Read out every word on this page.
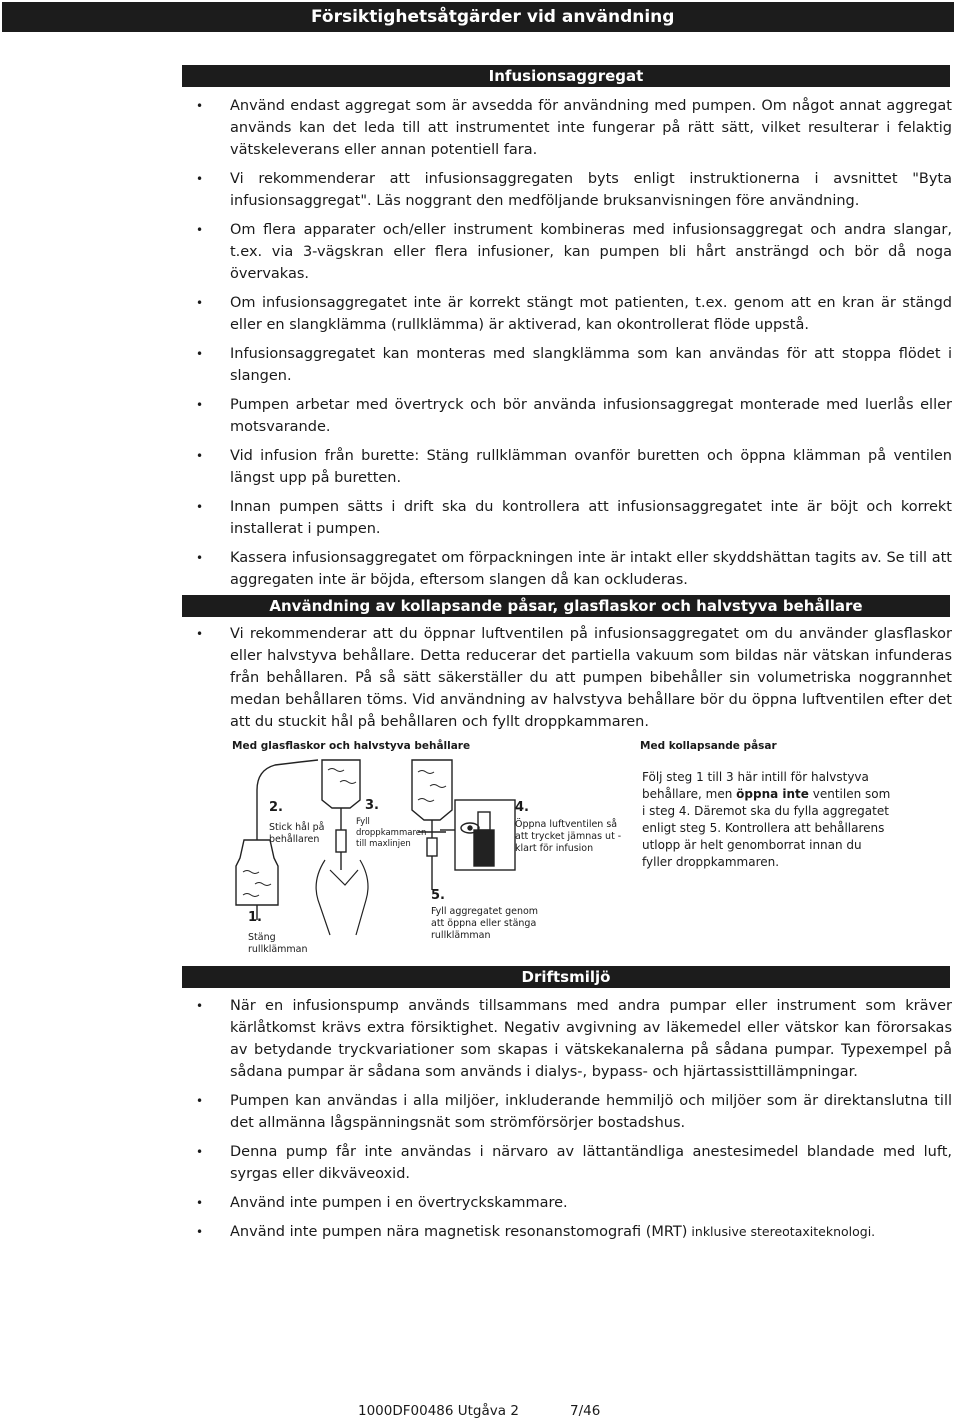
Försiktighetsåtgärder vid användning
Infusionsaggregat
• Använd endast aggregat som är avsedda för användning med pumpen. Om något annat aggregat används kan det leda till att instrumentet inte fungerar på rätt sätt, vilket resulterar i felaktig vätskeleverans eller annan potentiell fara.
• Vi rekommenderar att infusionsaggregaten byts enligt instruktionerna i avsnittet "Byta infusionsaggregat". Läs noggrant den medföljande bruksanvisningen före användning.
• Om flera apparater och/eller instrument kombineras med infusionsaggregat och andra slangar, t.ex. via 3-vägskran eller flera infusioner, kan pumpen bli hårt ansträngd och bör då noga övervakas.
• Om infusionsaggregatet inte är korrekt stängt mot patienten, t.ex. genom att en kran är stängd eller en slangklämma (rullklämma) är aktiverad, kan okontrollerat flöde uppstå.
• Infusionsaggregatet kan monteras med slangklämma som kan användas för att stoppa flödet i slangen.
• Pumpen arbetar med övertryck och bör använda infusionsaggregat monterade med luerlås eller motsvarande.
• Vid infusion från burette: Stäng rullklämman ovanför buretten och öppna klämman på ventilen längst upp på buretten.
• Innan pumpen sätts i drift ska du kontrollera att infusionsaggregatet inte är böjt och korrekt installerat i pumpen.
• Kassera infusionsaggregatet om förpackningen inte är intakt eller skyddshättan tagits av. Se till att aggregaten inte är böjda, eftersom slangen då kan ockluderas.
Användning av kollapsande påsar, glasflaskor och halvstyva behållare
• Vi rekommenderar att du öppnar luftventilen på infusionsaggregatet om du använder glasflaskor eller halvstyva behållare. Detta reducerar det partiella vakuum som bildas när vätskan infunderas från behållaren. På så sätt säkerställer du att pumpen bibehåller sin volumetriska noggrannhet medan behållaren töms. Vid användning av halvstyva behållare bör du öppna luftventilen efter det att du stuckit hål på behållaren och fyllt droppkammaren.
Med glasflaskor och halvstyva behållare	Med kollapsande påsar
2.
Stick hål på behållaren
3.
Fyll droppkammaren till maxlinjen
4.
Öppna luftventilen så att trycket jämnas ut - klart för infusion
5.
Fyll aggregatet genom att öppna eller stänga rullklämman
1.
Stäng rullklämman
Följ steg 1 till 3 här intill för halvstyva behållare, men öppna inte ventilen som i steg 4. Däremot ska du fylla aggregatet enligt steg 5. Kontrollera att behållarens utlopp är helt genomborrat innan du fyller droppkammaren.
Driftsmiljö
• När en infusionspump används tillsammans med andra pumpar eller instrument som kräver kärlåtkomst krävs extra försiktighet. Negativ avgivning av läkemedel eller vätskor kan förorsakas av betydande tryckvariationer som skapas i vätskekanalerna på sådana pumpar. Typexempel på sådana pumpar är sådana som används i dialys-, bypass- och hjärtassisttillämpningar.
• Pumpen kan användas i alla miljöer, inkluderande hemmiljö och miljöer som är direktanslutna till det allmänna lågspänningsnät som strömförsörjer bostadshus.
• Denna pump får inte användas i närvaro av lättantändliga anestesimedel blandade med luft, syrgas eller dikväveoxid.
• Använd inte pumpen i en övertryckskammare.
• Använd inte pumpen nära magnetisk resonanstomografi (MRT) inklusive stereotaxiteknologi.
1000DF00486 Utgåva 2	7/46
